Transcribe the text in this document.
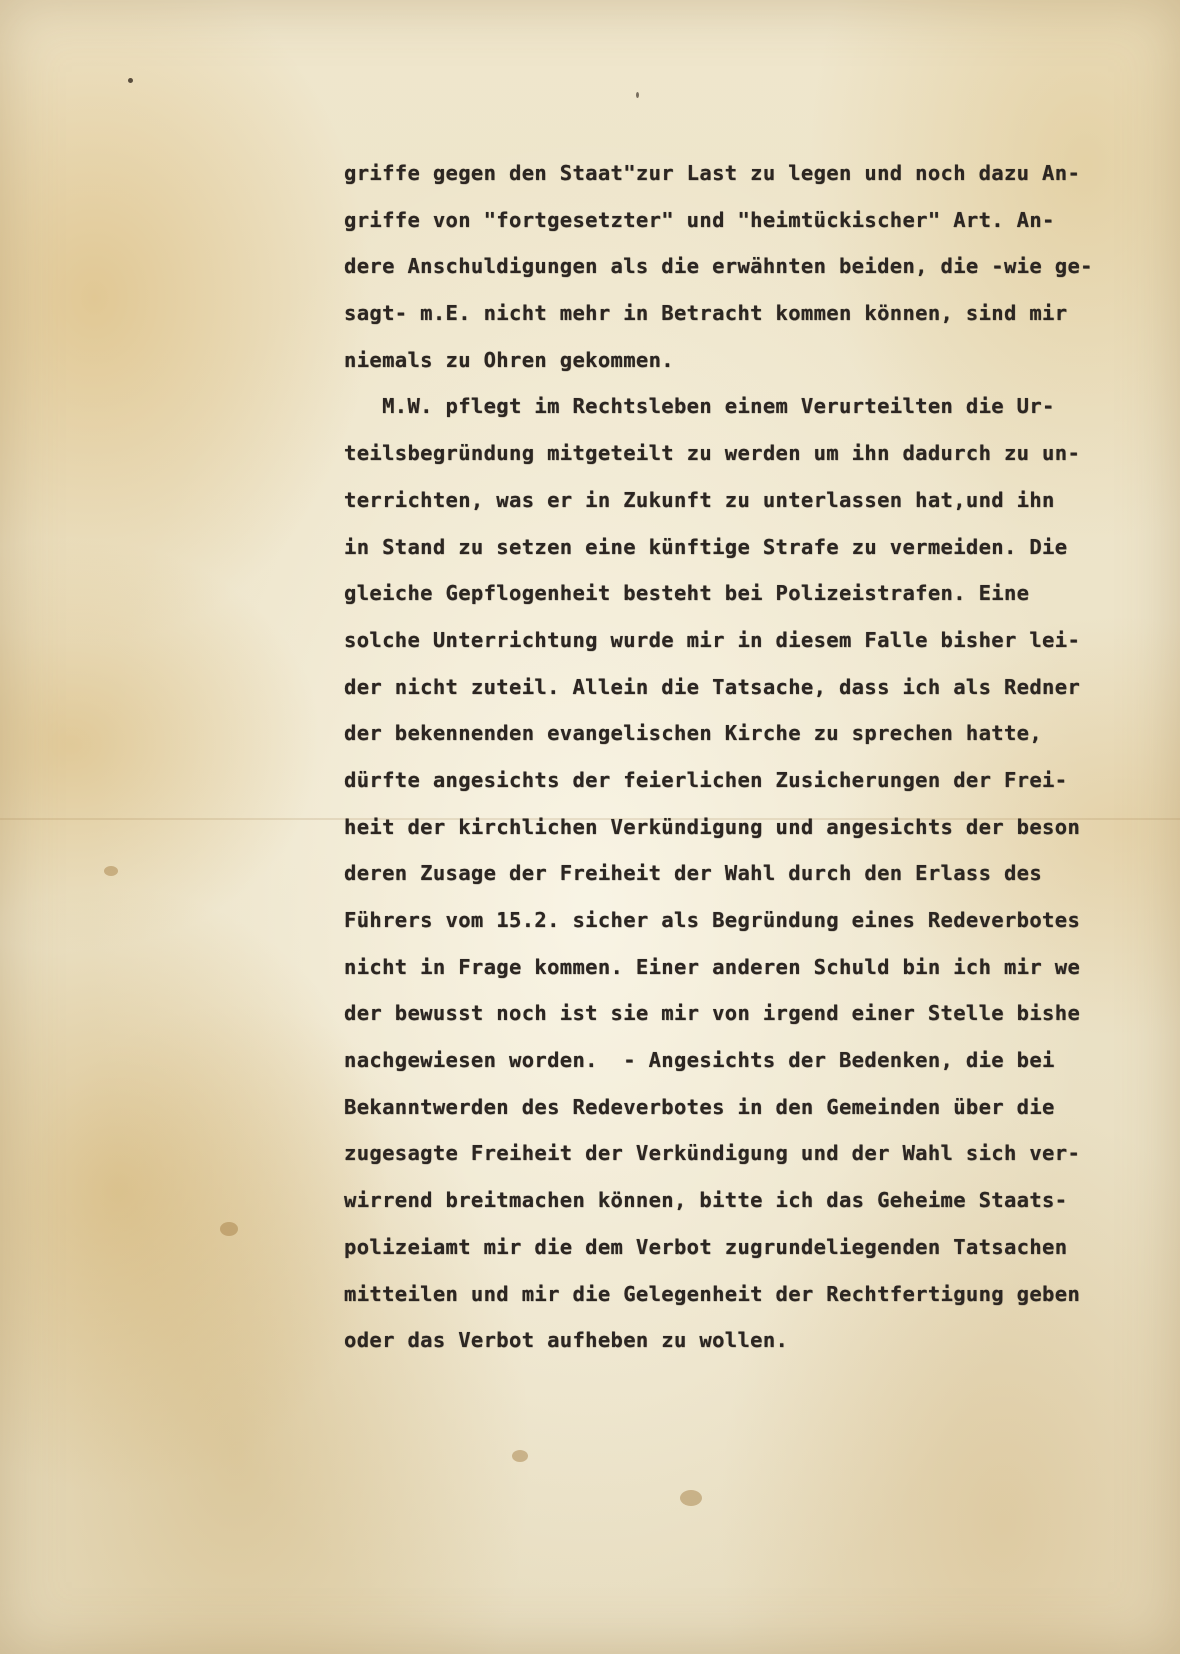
griffe gegen den Staat"zur Last zu legen und noch dazu An-
griffe von "fortgesetzter" und "heimtückischer" Art. An-
dere Anschuldigungen als die erwähnten beiden, die -wie ge-
sagt- m.E. nicht mehr in Betracht kommen können, sind mir
niemals zu Ohren gekommen.
M.W. pflegt im Rechtsleben einem Verurteilten die Ur-
teilsbegründung mitgeteilt zu werden um ihn dadurch zu un-
terrichten, was er in Zukunft zu unterlassen hat,und ihn
in Stand zu setzen eine künftige Strafe zu vermeiden. Die
gleiche Gepflogenheit besteht bei Polizeistrafen. Eine
solche Unterrichtung wurde mir in diesem Falle bisher lei-
der nicht zuteil. Allein die Tatsache, dass ich als Redner
der bekennenden evangelischen Kirche zu sprechen hatte,
dürfte angesichts der feierlichen Zusicherungen der Frei-
heit der kirchlichen Verkündigung und angesichts der beson
deren Zusage der Freiheit der Wahl durch den Erlass des
Führers vom 15.2. sicher als Begründung eines Redeverbotes
nicht in Frage kommen. Einer anderen Schuld bin ich mir we
der bewusst noch ist sie mir von irgend einer Stelle bishe
nachgewiesen worden.  - Angesichts der Bedenken, die bei
Bekanntwerden des Redeverbotes in den Gemeinden über die
zugesagte Freiheit der Verkündigung und der Wahl sich ver-
wirrend breitmachen können, bitte ich das Geheime Staats-
polizeiamt mir die dem Verbot zugrundeliegenden Tatsachen
mitteilen und mir die Gelegenheit der Rechtfertigung geben
oder das Verbot aufheben zu wollen.
